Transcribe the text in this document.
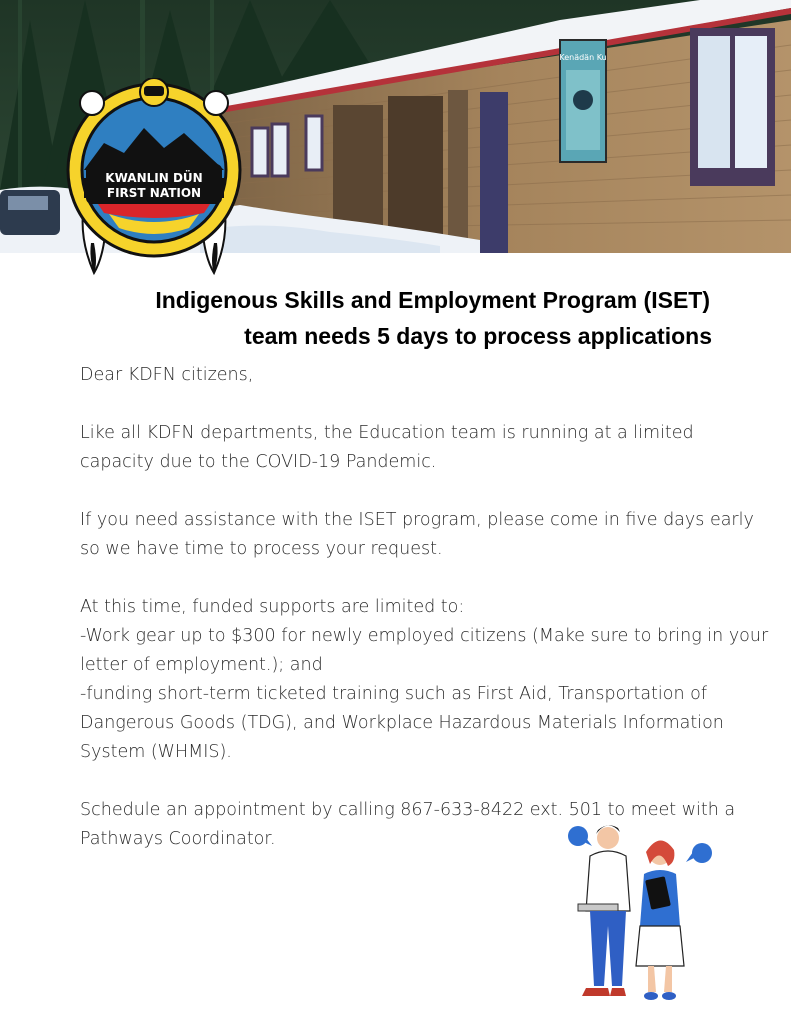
Kenädän Ku
KWANLIN DÜN
FIRST NATION
Indigenous Skills and Employment Program (ISET)
team needs 5 days to process applications

Dear KDFN citizens,

Like all KDFN departments, the Education team is running at a limited capacity due to the COVID-19 Pandemic.

If you need assistance with the ISET program, please come in five days early so we have time to process your request.

At this time, funded supports are limited to:
-Work gear up to $300 for newly employed citizens (Make sure to bring in your letter of employment.); and
-funding short-term ticketed training such as First Aid, Transportation of Dangerous Goods (TDG), and Workplace Hazardous Materials Information System (WHMIS).

Schedule an appointment by calling 867-633-8422 ext. 501 to meet with a Pathways Coordinator.
